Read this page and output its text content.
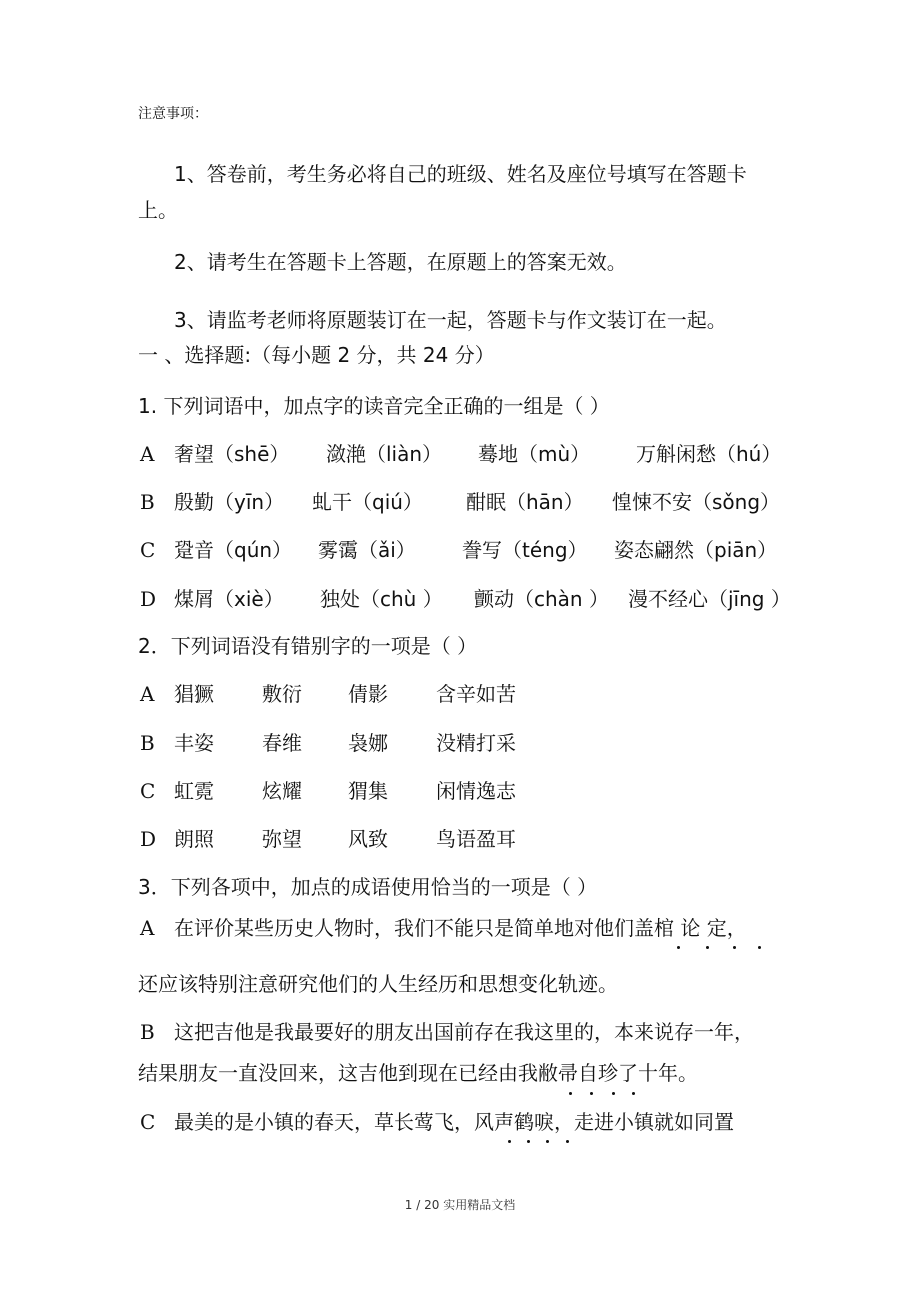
注意事项：
1、答卷前，考生务必将自己的班级、姓名及座位号填写在答题卡
上。
2、请考生在答题卡上答题，在原题上的答案无效。
3、请监考老师将原题装订在一起，答题卡与作文装订在一起。
一 、选择题:（每小题 2 分，共 24 分）
1. 下列词语中，加点字的读音完全正确的一组是（ ）
A 奢望（shē） 潋滟（liàn） 蓦地（mù） 万斛闲愁（hú）
B 殷勤（yīn） 虬干（qiú） 酣眠（hān） 惶悚不安（sǒng）
C 跫音（qún） 雾霭（ǎi） 誊写（téng） 姿态翩然（piān）
D 煤屑（xiè） 独处（chù ） 颤动（chàn ） 漫不经心（jīng ）
2．下列词语没有错别字的一项是（ ）
A 猖獗 敷衍 倩影 含辛如苦
B 丰姿 春维 袅娜 没精打采
C 虹霓 炫耀 猬集 闲情逸志
D 朗照 弥望 风致 鸟语盈耳
3．下列各项中，加点的成语使用恰当的一项是（ ）
A 在评价某些历史人物时，我们不能只是简单地对他们盖棺 论 定，
还应该特别注意研究他们的人生经历和思想变化轨迹。
B 这把吉他是我最要好的朋友出国前存在我这里的，本来说存一年，
结果朋友一直没回来，这吉他到现在已经由我敝帚自珍了十年。
C 最美的是小镇的春天，草长莺飞，风声鹤唳，走进小镇就如同置
1 / 20 实用精品文档
